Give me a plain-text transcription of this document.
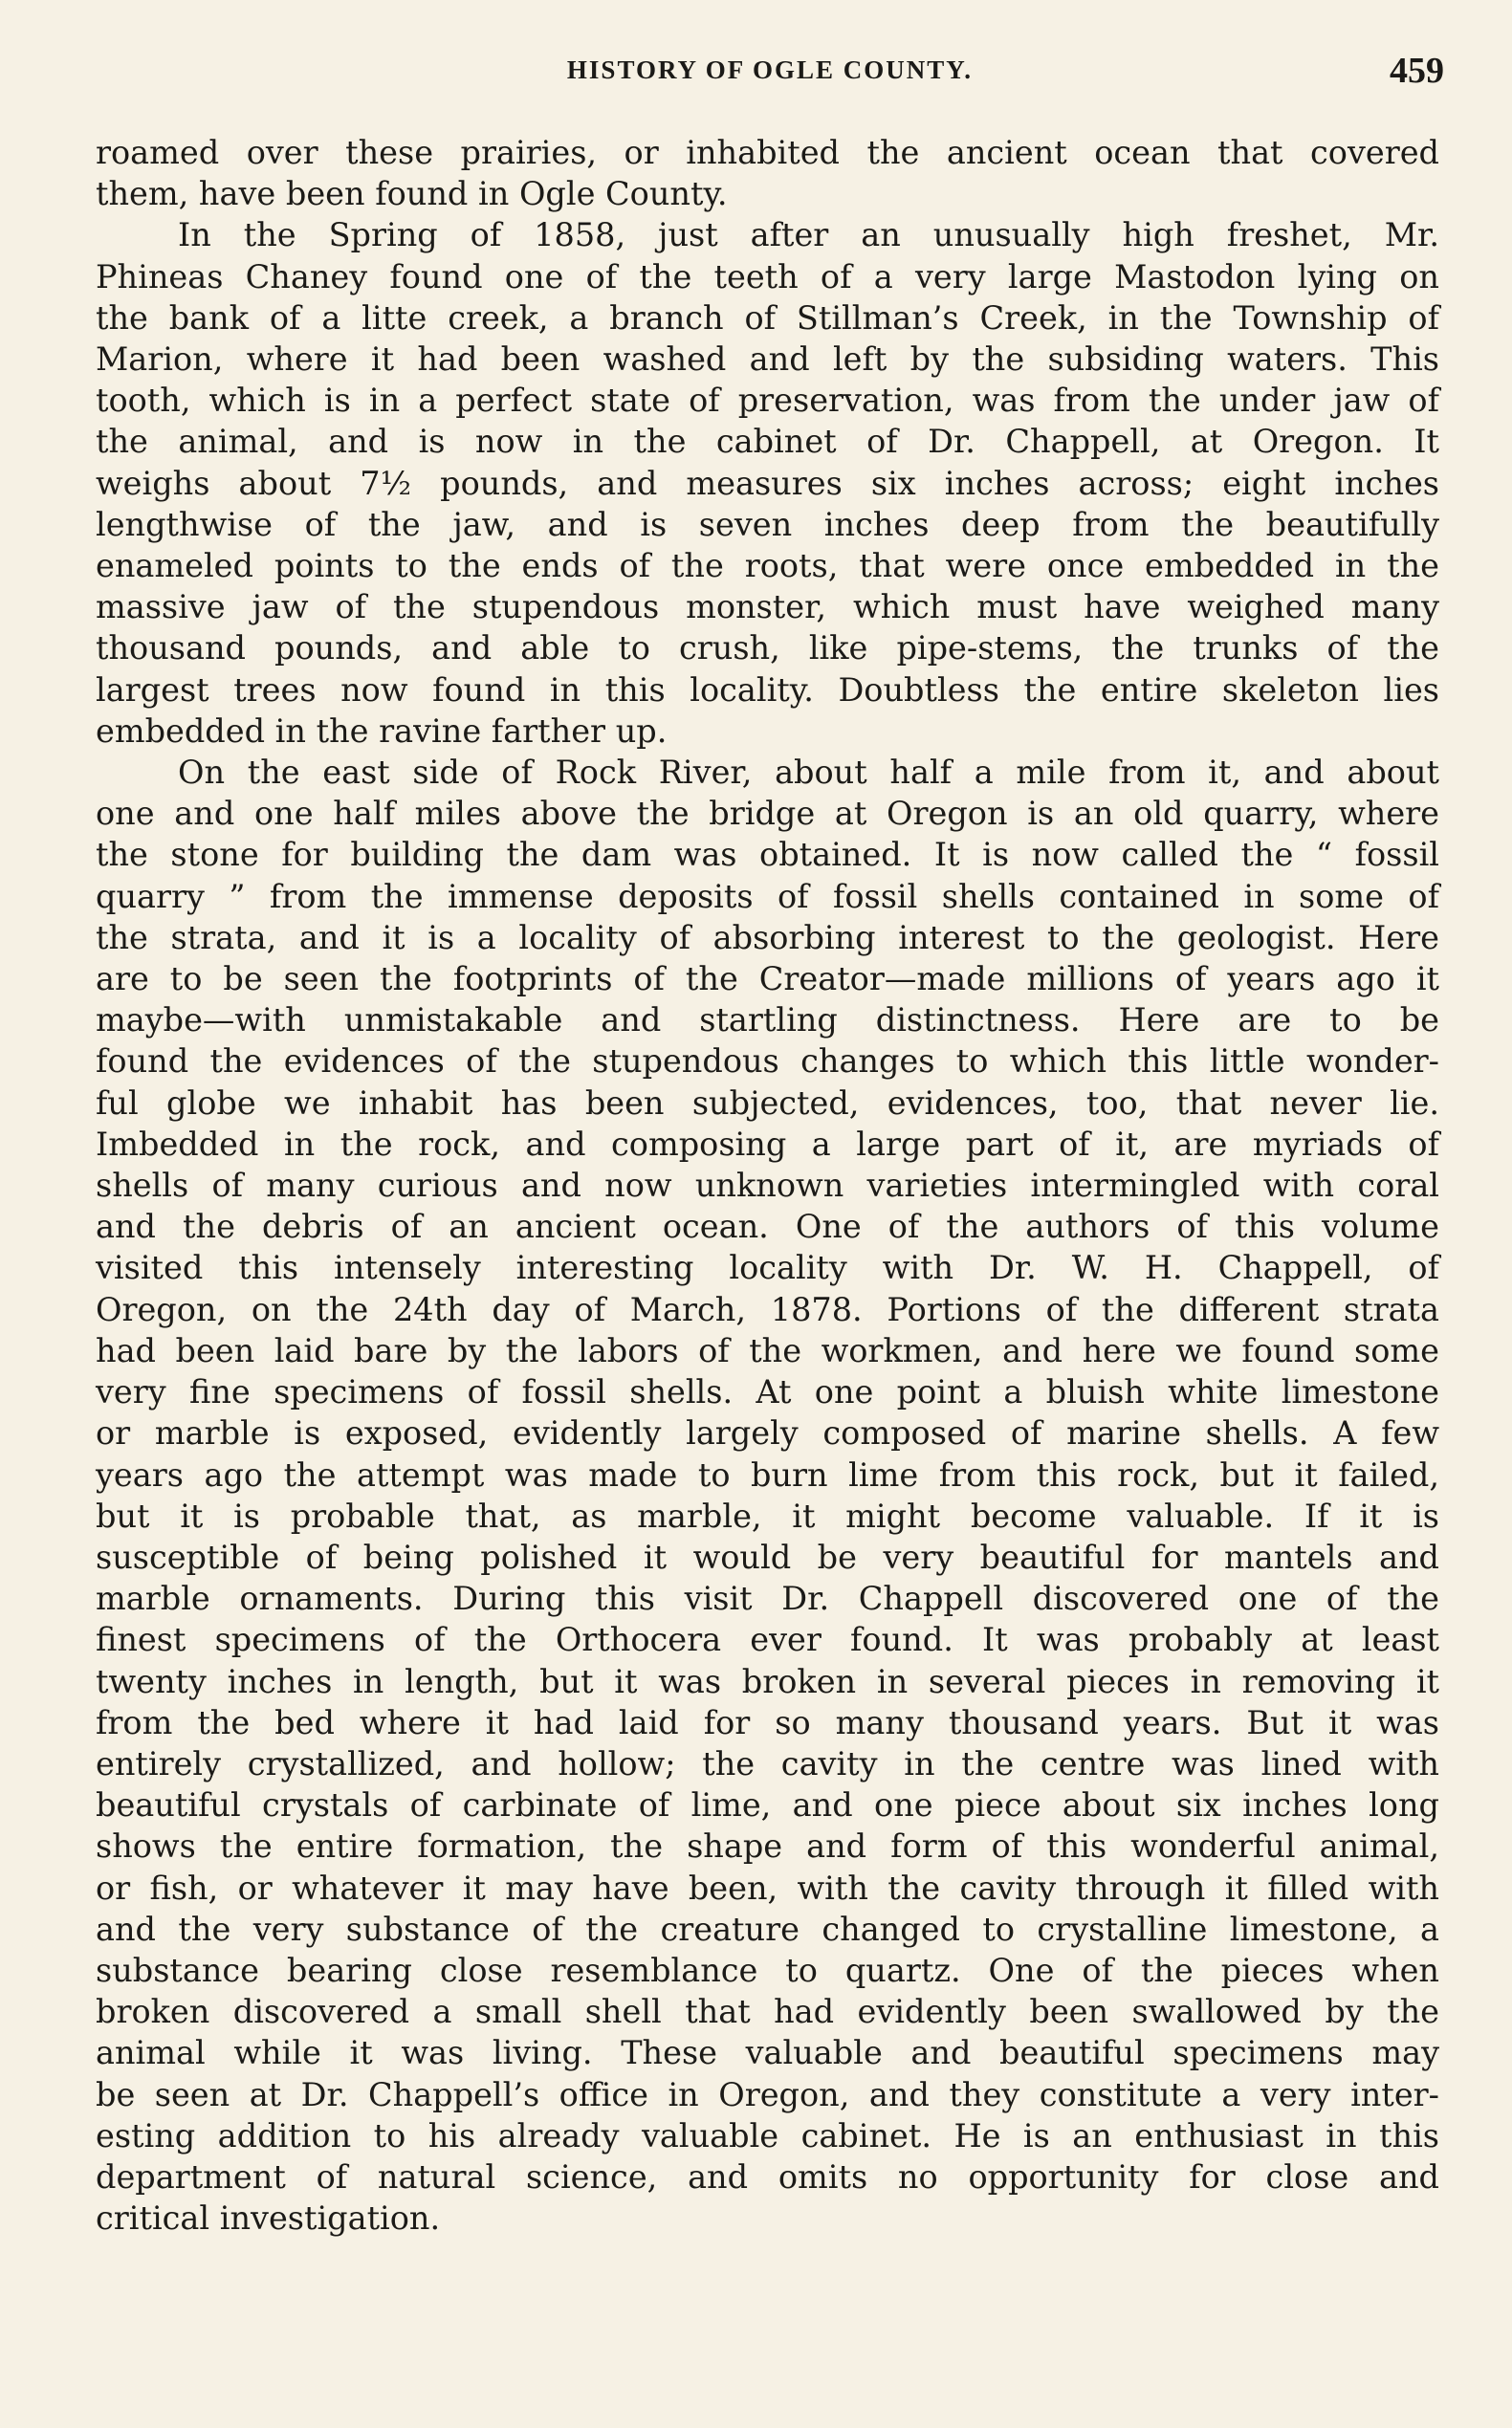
HISTORY OF OGLE COUNTY.	459

roamed over these prairies, or inhabited the ancient ocean that covered
them, have been found in Ogle County.

In the Spring of 1858, just after an unusually high freshet, Mr.
Phineas Chaney found one of the teeth of a very large Mastodon lying on
the bank of a litte creek, a branch of Stillman’s Creek, in the Township of
Marion, where it had been washed and left by the subsiding waters. This
tooth, which is in a perfect state of preservation, was from the under jaw of
the animal, and is now in the cabinet of Dr. Chappell, at Oregon. It
weighs about 7½ pounds, and measures six inches across; eight inches
lengthwise of the jaw, and is seven inches deep from the beautifully
enameled points to the ends of the roots, that were once embedded in the
massive jaw of the stupendous monster, which must have weighed many
thousand pounds, and able to crush, like pipe-stems, the trunks of the
largest trees now found in this locality. Doubtless the entire skeleton lies
embedded in the ravine farther up.

On the east side of Rock River, about half a mile from it, and about
one and one half miles above the bridge at Oregon is an old quarry, where
the stone for building the dam was obtained. It is now called the “ fossil
quarry ” from the immense deposits of fossil shells contained in some of
the strata, and it is a locality of absorbing interest to the geologist. Here
are to be seen the footprints of the Creator—made millions of years ago it
maybe—with unmistakable and startling distinctness. Here are to be
found the evidences of the stupendous changes to which this little wonder-
ful globe we inhabit has been subjected, evidences, too, that never lie.
Imbedded in the rock, and composing a large part of it, are myriads of
shells of many curious and now unknown varieties intermingled with coral
and the debris of an ancient ocean. One of the authors of this volume
visited this intensely interesting locality with Dr. W. H. Chappell, of
Oregon, on the 24th day of March, 1878. Portions of the different strata
had been laid bare by the labors of the workmen, and here we found some
very fine specimens of fossil shells. At one point a bluish white limestone
or marble is exposed, evidently largely composed of marine shells. A few
years ago the attempt was made to burn lime from this rock, but it failed,
but it is probable that, as marble, it might become valuable. If it is
susceptible of being polished it would be very beautiful for mantels and
marble ornaments. During this visit Dr. Chappell discovered one of the
finest specimens of the Orthocera ever found. It was probably at least
twenty inches in length, but it was broken in several pieces in removing it
from the bed where it had laid for so many thousand years. But it was
entirely crystallized, and hollow; the cavity in the centre was lined with
beautiful crystals of carbinate of lime, and one piece about six inches long
shows the entire formation, the shape and form of this wonderful animal,
or fish, or whatever it may have been, with the cavity through it filled with
and the very substance of the creature changed to crystalline limestone, a
substance bearing close resemblance to quartz. One of the pieces when
broken discovered a small shell that had evidently been swallowed by the
animal while it was living. These valuable and beautiful specimens may
be seen at Dr. Chappell’s office in Oregon, and they constitute a very inter-
esting addition to his already valuable cabinet. He is an enthusiast in this
department of natural science, and omits no opportunity for close and
critical investigation.
